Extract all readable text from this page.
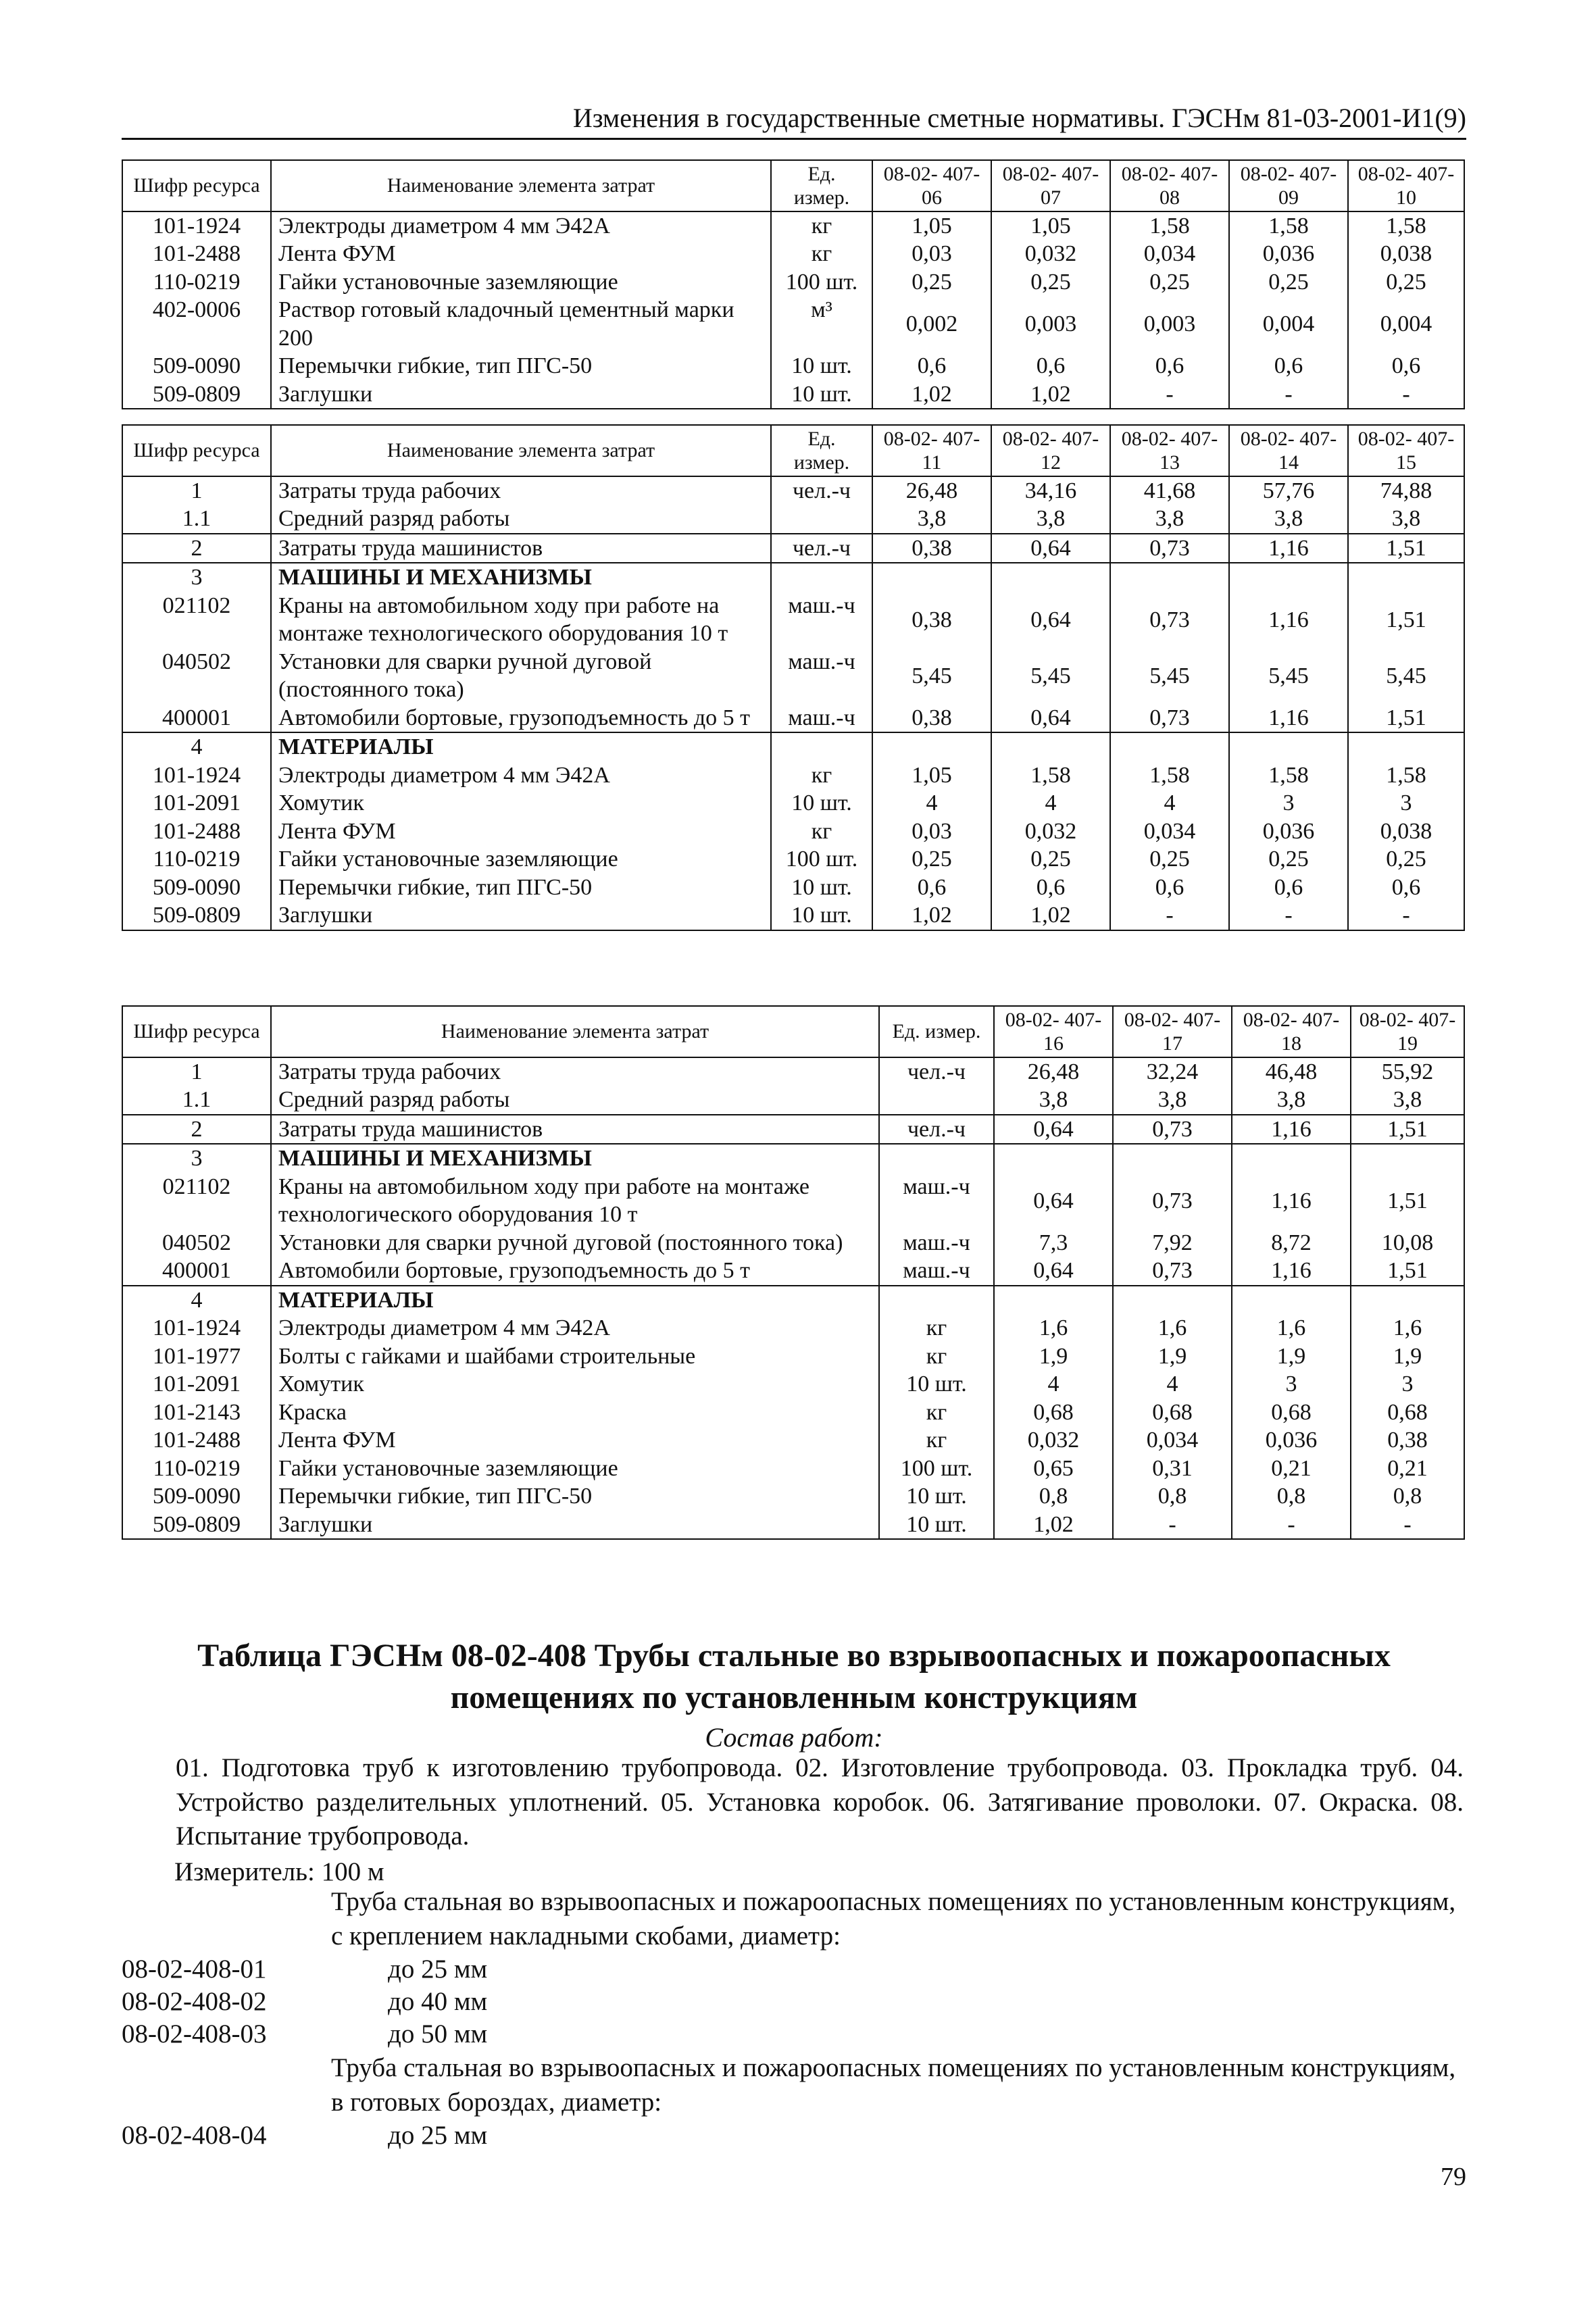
Изменения в государственные сметные нормативы. ГЭСНм 81-03-2001-И1(9)
Шифр ресурса	Наименование элемента затрат	Ед. измер.	08-02- 407-06	08-02- 407-07	08-02- 407-08	08-02- 407-09	08-02- 407-10
101-1924	Электроды диаметром 4 мм Э42А	кг	1,05	1,05	1,58	1,58	1,58
101-2488	Лента ФУМ	кг	0,03	0,032	0,034	0,036	0,038
110-0219	Гайки установочные заземляющие	100 шт.	0,25	0,25	0,25	0,25	0,25
402-0006	Раствор готовый кладочный цементный марки 200	м³	0,002	0,003	0,003	0,004	0,004
509-0090	Перемычки гибкие, тип ПГС-50	10 шт.	0,6	0,6	0,6	0,6	0,6
509-0809	Заглушки	10 шт.	1,02	1,02	-	-	-
Шифр ресурса	Наименование элемента затрат	Ед. измер.	08-02- 407-11	08-02- 407-12	08-02- 407-13	08-02- 407-14	08-02- 407-15
1	Затраты труда рабочих	чел.-ч	26,48	34,16	41,68	57,76	74,88
1.1	Средний разряд работы		3,8	3,8	3,8	3,8	3,8
2	Затраты труда машинистов	чел.-ч	0,38	0,64	0,73	1,16	1,51
3	МАШИНЫ И МЕХАНИЗМЫ						
021102	Краны на автомобильном ходу при работе на монтаже технологического оборудования 10 т	маш.-ч	0,38	0,64	0,73	1,16	1,51
040502	Установки для сварки ручной дуговой (постоянного тока)	маш.-ч	5,45	5,45	5,45	5,45	5,45
400001	Автомобили бортовые, грузоподъемность до 5 т	маш.-ч	0,38	0,64	0,73	1,16	1,51
4	МАТЕРИАЛЫ						
101-1924	Электроды диаметром 4 мм Э42А	кг	1,05	1,58	1,58	1,58	1,58
101-2091	Хомутик	10 шт.	4	4	4	3	3
101-2488	Лента ФУМ	кг	0,03	0,032	0,034	0,036	0,038
110-0219	Гайки установочные заземляющие	100 шт.	0,25	0,25	0,25	0,25	0,25
509-0090	Перемычки гибкие, тип ПГС-50	10 шт.	0,6	0,6	0,6	0,6	0,6
509-0809	Заглушки	10 шт.	1,02	1,02	-	-	-
Шифр ресурса	Наименование элемента затрат	Ед. измер.	08-02- 407-16	08-02- 407-17	08-02- 407-18	08-02- 407-19
1	Затраты труда рабочих	чел.-ч	26,48	32,24	46,48	55,92
1.1	Средний разряд работы		3,8	3,8	3,8	3,8
2	Затраты труда машинистов	чел.-ч	0,64	0,73	1,16	1,51
3	МАШИНЫ И МЕХАНИЗМЫ					
021102	Краны на автомобильном ходу при работе на монтаже технологического оборудования 10 т	маш.-ч	0,64	0,73	1,16	1,51
040502	Установки для сварки ручной дуговой (постоянного тока)	маш.-ч	7,3	7,92	8,72	10,08
400001	Автомобили бортовые, грузоподъемность до 5 т	маш.-ч	0,64	0,73	1,16	1,51
4	МАТЕРИАЛЫ					
101-1924	Электроды диаметром 4 мм Э42А	кг	1,6	1,6	1,6	1,6
101-1977	Болты с гайками и шайбами строительные	кг	1,9	1,9	1,9	1,9
101-2091	Хомутик	10 шт.	4	4	3	3
101-2143	Краска	кг	0,68	0,68	0,68	0,68
101-2488	Лента ФУМ	кг	0,032	0,034	0,036	0,38
110-0219	Гайки установочные заземляющие	100 шт.	0,65	0,31	0,21	0,21
509-0090	Перемычки гибкие, тип ПГС-50	10 шт.	0,8	0,8	0,8	0,8
509-0809	Заглушки	10 шт.	1,02	-	-	-
Таблица ГЭСНм 08-02-408 Трубы стальные во взрывоопасных и пожароопасных помещениях по установленным конструкциям
Состав работ:
01. Подготовка труб к изготовлению трубопровода. 02. Изготовление трубопровода. 03. Прокладка труб. 04. Устройство разделительных уплотнений. 05. Установка коробок. 06. Затягивание проволоки. 07. Окраска. 08. Испытание трубопровода.
Измеритель: 100 м
Труба стальная во взрывоопасных и пожароопасных помещениях по установленным конструкциям, с креплением накладными скобами, диаметр:
08-02-408-01	до 25 мм
08-02-408-02	до 40 мм
08-02-408-03	до 50 мм
Труба стальная во взрывоопасных и пожароопасных помещениях по установленным конструкциям, в готовых бороздах, диаметр:
08-02-408-04	до 25 мм
79
